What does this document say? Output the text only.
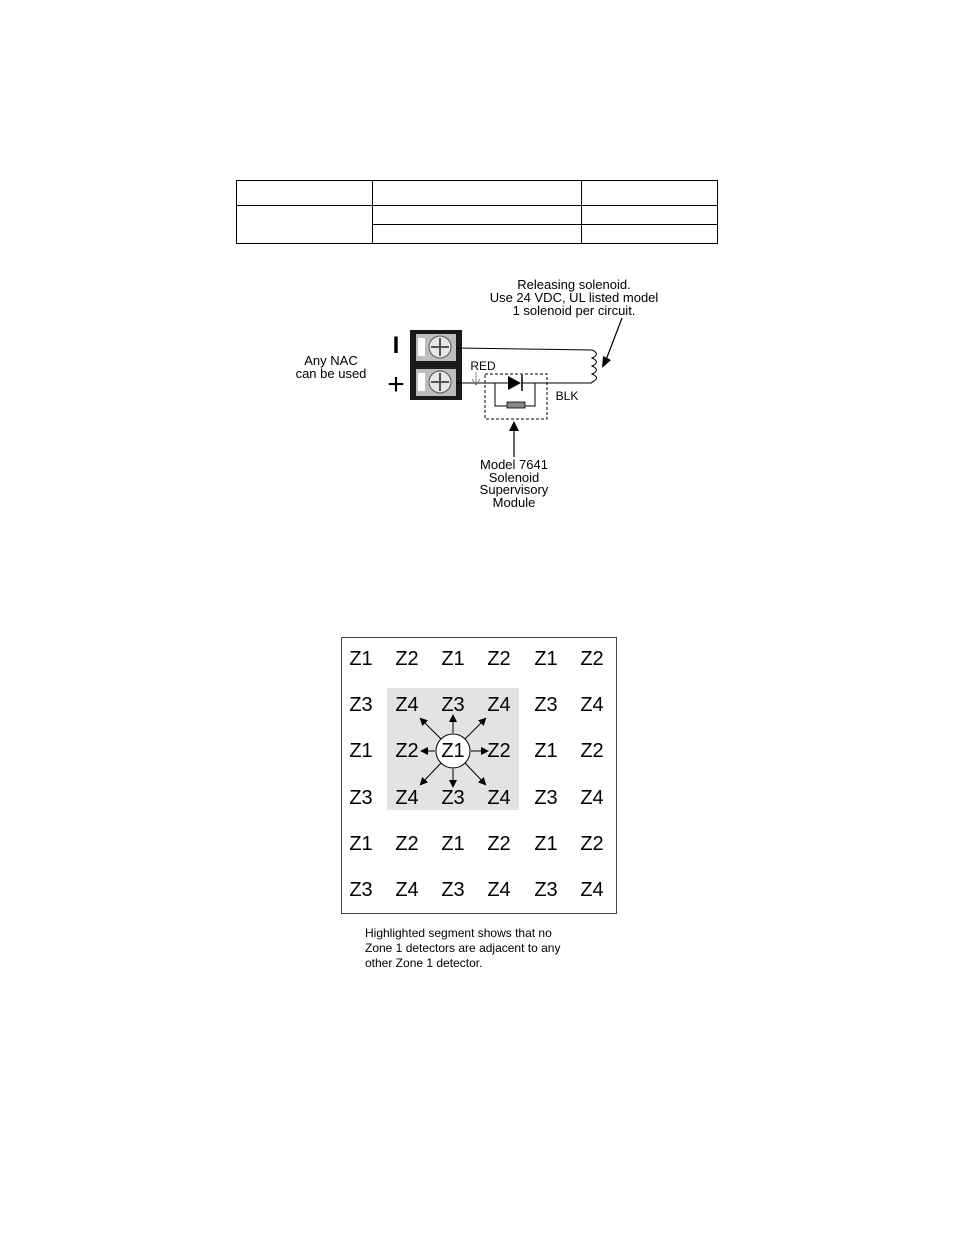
Releasing solenoid.
Use 24 VDC, UL listed model
1 solenoid per circuit.
Any NAC
can be used
I
+
RED
BLK
Model 7641
Solenoid
Supervisory
Module
Z1	Z2	Z1	Z2	Z1	Z2
Z3	Z4	Z3	Z4	Z3	Z4
Z1	Z2	Z1	Z2	Z1	Z2
Z3	Z4	Z3	Z4	Z3	Z4
Z1	Z2	Z1	Z2	Z1	Z2
Z3	Z4	Z3	Z4	Z3	Z4
Highlighted segment shows that no
Zone 1 detectors are adjacent to any
other Zone 1 detector.
